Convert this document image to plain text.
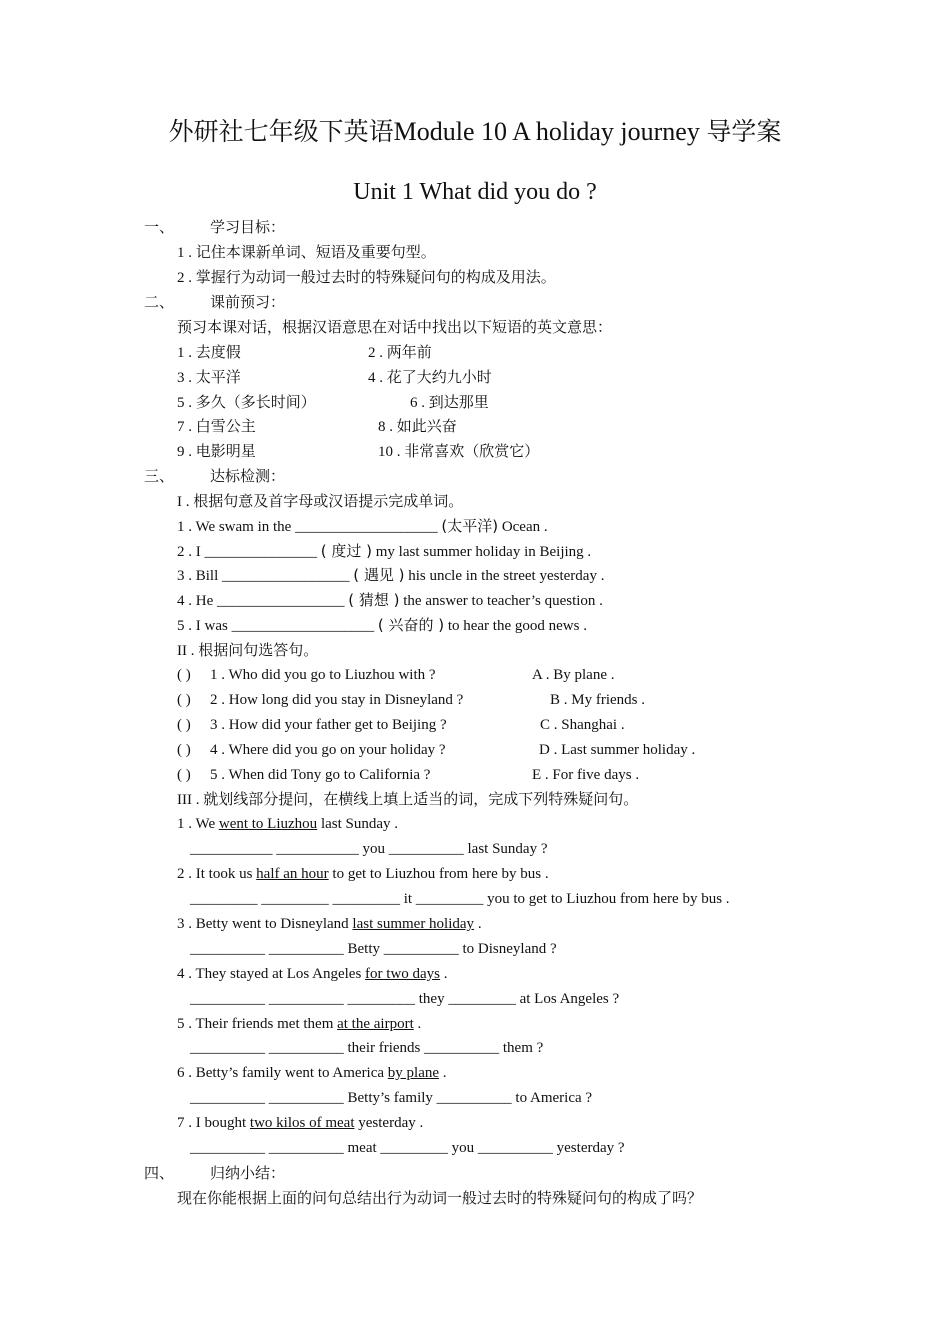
外研社七年级下英语Module 10 A holiday journey 导学案
Unit 1 What did you do ?
一、 学习目标：
1 . 记住本课新单词、短语及重要句型。
2 . 掌握行为动词一般过去时的特殊疑问句的构成及用法。
二、 课前预习：
预习本课对话，根据汉语意思在对话中找出以下短语的英文意思：
1 . 去度假	2 . 两年前
3 . 太平洋	4 . 花了大约九小时
5 . 多久（多长时间）	6 . 到达那里
7 . 白雪公主	8 . 如此兴奋
9 . 电影明星	10 . 非常喜欢（欣赏它）
三、 达标检测：
I . 根据句意及首字母或汉语提示完成单词。
1 . We swam in the ___________________ (太平洋) Ocean .
2 . I _______________ ( 度过 ) my last summer holiday in Beijing .
3 . Bill _________________ ( 遇见 ) his uncle in the street yesterday .
4 . He _________________ ( 猜想 ) the answer to teacher’s question .
5 . I was ___________________ ( 兴奋的 ) to hear the good news .
II . 根据问句选答句。
( ) 1 . Who did you go to Liuzhou with ?	A . By plane .
( ) 2 . How long did you stay in Disneyland ?	B . My friends .
( ) 3 . How did your father get to Beijing ?	C . Shanghai .
( ) 4 . Where did you go on your holiday ?	D . Last summer holiday .
( ) 5 . When did Tony go to California ?	E . For five days .
III . 就划线部分提问，在横线上填上适当的词，完成下列特殊疑问句。
1 . We went to Liuzhou last Sunday .
___________ ___________ you __________ last Sunday ?
2 . It took us half an hour to get to Liuzhou from here by bus .
_________ _________ _________ it _________ you to get to Liuzhou from here by bus .
3 . Betty went to Disneyland last summer holiday .
__________ __________ Betty __________ to Disneyland ?
4 . They stayed at Los Angeles for two days .
__________ __________ _________ they _________ at Los Angeles ?
5 . Their friends met them at the airport .
__________ __________ their friends __________ them ?
6 . Betty’s family went to America by plane .
__________ __________ Betty’s family __________ to America ?
7 . I bought two kilos of meat yesterday .
__________ __________ meat _________ you __________ yesterday ?
四、 归纳小结：
现在你能根据上面的问句总结出行为动词一般过去时的特殊疑问句的构成了吗？
